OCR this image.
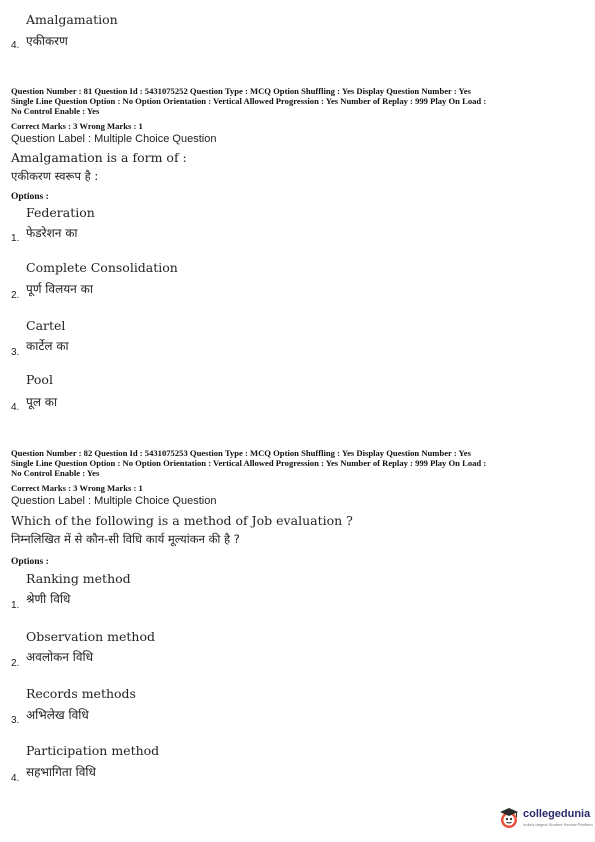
Amalgamation
4. एकीकरण
Question Number : 81 Question Id : 5431075252 Question Type : MCQ Option Shuffling : Yes Display Question Number : Yes
Single Line Question Option : No Option Orientation : Vertical Allowed Progression : Yes Number of Replay : 999 Play On Load :
No Control Enable : Yes
Correct Marks : 3 Wrong Marks : 1
Question Label : Multiple Choice Question
Amalgamation is a form of :
एकीकरण स्वरूप है :
Options :
Federation
1. फेडरेशन का
Complete Consolidation
2. पूर्ण विलयन का
Cartel
3. कार्टेल का
Pool
4. पूल का
Question Number : 82 Question Id : 5431075253 Question Type : MCQ Option Shuffling : Yes Display Question Number : Yes
Single Line Question Option : No Option Orientation : Vertical Allowed Progression : Yes Number of Replay : 999 Play On Load :
No Control Enable : Yes
Correct Marks : 3 Wrong Marks : 1
Question Label : Multiple Choice Question
Which of the following is a method of Job evaluation ?
निम्नलिखित में से कौन-सी विधि कार्य मूल्यांकन की है ?
Options :
Ranking method
1. श्रेणी विधि
Observation method
2. अवलोकन विधि
Records methods
3. अभिलेख विधि
Participation method
4. सहभागिता विधि
collegedunia
India's largest Student Review Platform
